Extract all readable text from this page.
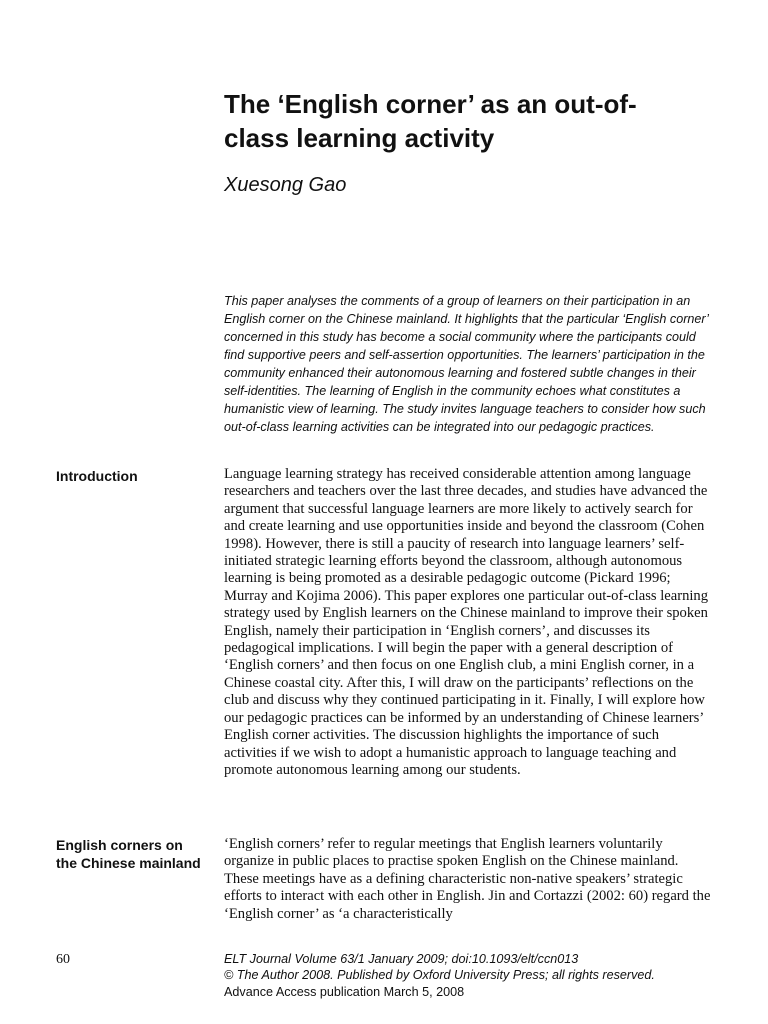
The ‘English corner’ as an out-of-class learning activity
Xuesong Gao

This paper analyses the comments of a group of learners on their participation in an English corner on the Chinese mainland. It highlights that the particular ‘English corner’ concerned in this study has become a social community where the participants could find supportive peers and self-assertion opportunities. The learners’ participation in the community enhanced their autonomous learning and fostered subtle changes in their self-identities. The learning of English in the community echoes what constitutes a humanistic view of learning. The study invites language teachers to consider how such out-of-class learning activities can be integrated into our pedagogic practices.

Introduction	Language learning strategy has received considerable attention among language researchers and teachers over the last three decades, and studies have advanced the argument that successful language learners are more likely to actively search for and create learning and use opportunities inside and beyond the classroom (Cohen 1998). However, there is still a paucity of research into language learners’ self-initiated strategic learning efforts beyond the classroom, although autonomous learning is being promoted as a desirable pedagogic outcome (Pickard 1996; Murray and Kojima 2006). This paper explores one particular out-of-class learning strategy used by English learners on the Chinese mainland to improve their spoken English, namely their participation in ‘English corners’, and discusses its pedagogical implications. I will begin the paper with a general description of ‘English corners’ and then focus on one English club, a mini English corner, in a Chinese coastal city. After this, I will draw on the participants’ reflections on the club and discuss why they continued participating in it. Finally, I will explore how our pedagogic practices can be informed by an understanding of Chinese learners’ English corner activities. The discussion highlights the importance of such activities if we wish to adopt a humanistic approach to language teaching and promote autonomous learning among our students.

English corners on the Chinese mainland

‘English corners’ refer to regular meetings that English learners voluntarily organize in public places to practise spoken English on the Chinese mainland. These meetings have as a defining characteristic non-native speakers’ strategic efforts to interact with each other in English. Jin and Cortazzi (2002: 60) regard the ‘English corner’ as ‘a characteristically

60	ELT Journal Volume 63/1 January 2009; doi:10.1093/elt/ccn013
© The Author 2008. Published by Oxford University Press; all rights reserved.
Advance Access publication March 5, 2008
